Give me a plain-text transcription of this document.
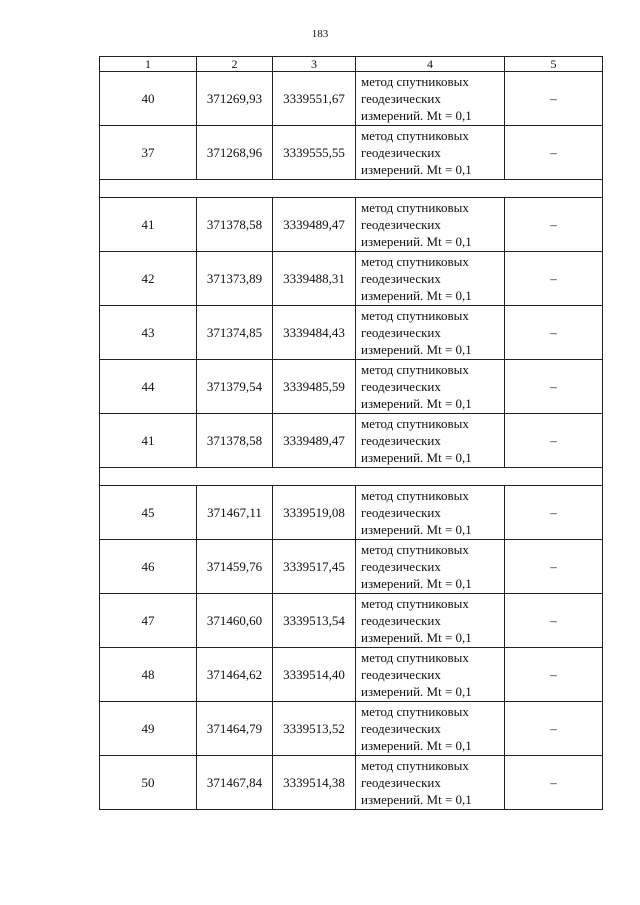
183
1	2	3	4	5
40	371269,93	3339551,67	метод спутниковых
геодезических
измерений. Mt = 0,1	–
37	371268,96	3339555,55	метод спутниковых
геодезических
измерений. Mt = 0,1	–

41	371378,58	3339489,47	метод спутниковых
геодезических
измерений. Mt = 0,1	–
42	371373,89	3339488,31	метод спутниковых
геодезических
измерений. Mt = 0,1	–
43	371374,85	3339484,43	метод спутниковых
геодезических
измерений. Mt = 0,1	–
44	371379,54	3339485,59	метод спутниковых
геодезических
измерений. Mt = 0,1	–
41	371378,58	3339489,47	метод спутниковых
геодезических
измерений. Mt = 0,1	–

45	371467,11	3339519,08	метод спутниковых
геодезических
измерений. Mt = 0,1	–
46	371459,76	3339517,45	метод спутниковых
геодезических
измерений. Mt = 0,1	–
47	371460,60	3339513,54	метод спутниковых
геодезических
измерений. Mt = 0,1	–
48	371464,62	3339514,40	метод спутниковых
геодезических
измерений. Mt = 0,1	–
49	371464,79	3339513,52	метод спутниковых
геодезических
измерений. Mt = 0,1	–
50	371467,84	3339514,38	метод спутниковых
геодезических
измерений. Mt = 0,1	–
